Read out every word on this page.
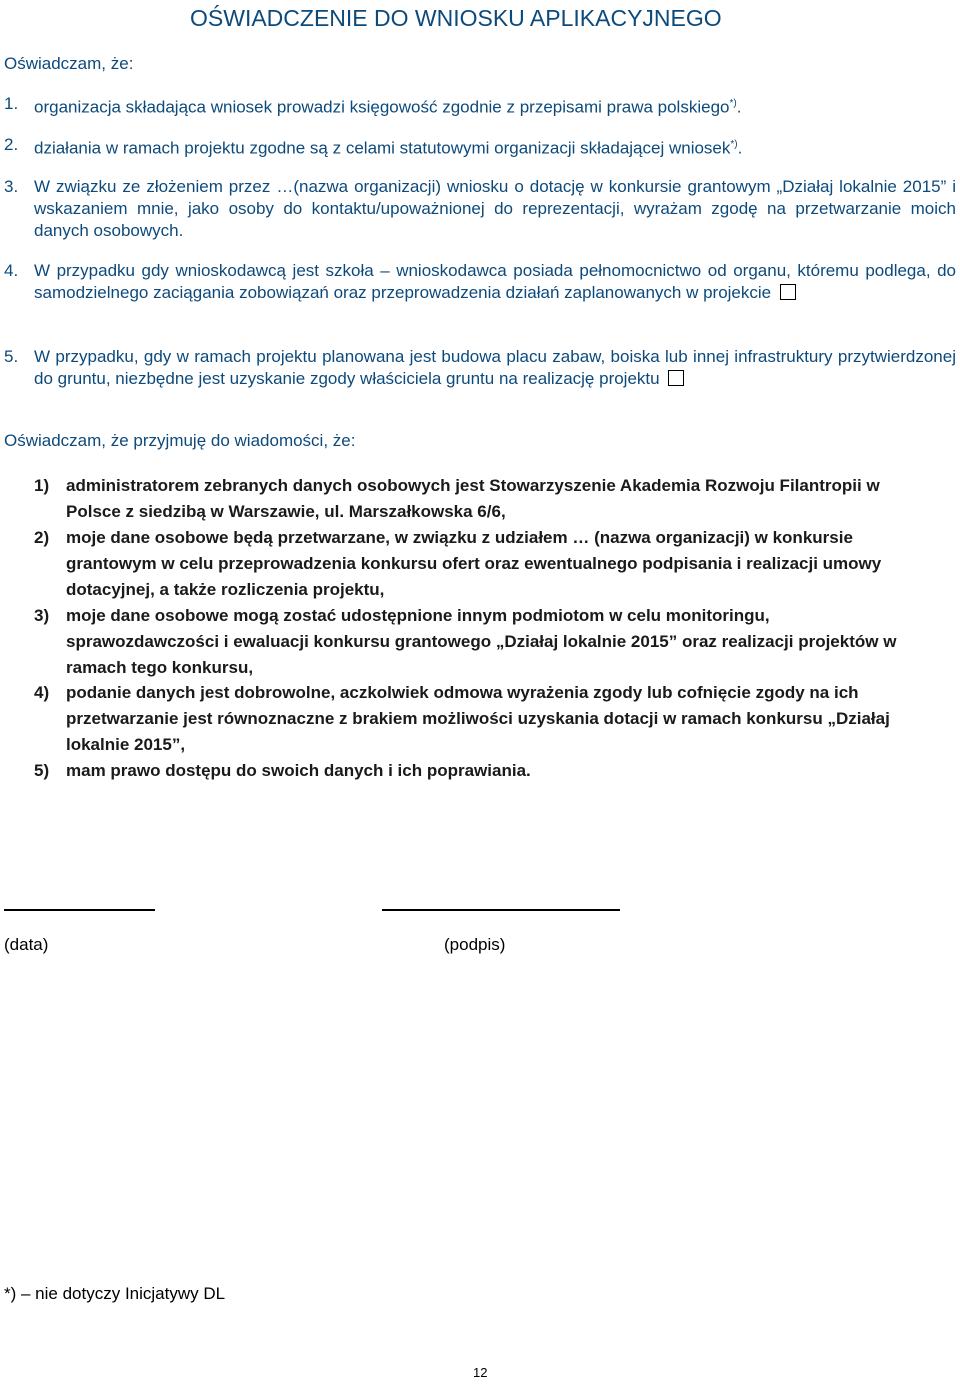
OŚWIADCZENIE DO WNIOSKU APLIKACYJNEGO
Oświadczam, że:
1. organizacja składająca wniosek prowadzi księgowość zgodnie z przepisami prawa polskiego*).
2. działania w ramach projektu zgodne są z celami statutowymi organizacji składającej wniosek*).
3. W związku ze złożeniem przez …(nazwa organizacji) wniosku o dotację w konkursie grantowym „Działaj lokalnie 2015” i wskazaniem mnie, jako osoby do kontaktu/upoważnionej do reprezentacji, wyrażam zgodę na przetwarzanie moich danych osobowych.
4. W przypadku gdy wnioskodawcą jest szkoła – wnioskodawca posiada pełnomocnictwo od organu, któremu podlega, do samodzielnego zaciągania zobowiązań oraz przeprowadzenia działań zaplanowanych w projekcie
5. W przypadku, gdy w ramach projektu planowana jest budowa placu zabaw, boiska lub innej infrastruktury przytwierdzonej do gruntu, niezbędne jest uzyskanie zgody właściciela gruntu na realizację projektu
Oświadczam, że przyjmuję do wiadomości, że:
1) administratorem zebranych danych osobowych jest Stowarzyszenie Akademia Rozwoju Filantropii w Polsce z siedzibą w Warszawie, ul. Marszałkowska 6/6,
2) moje dane osobowe będą przetwarzane, w związku z udziałem … (nazwa organizacji) w konkursie grantowym w celu przeprowadzenia konkursu ofert oraz ewentualnego podpisania i realizacji umowy dotacyjnej, a także rozliczenia projektu,
3) moje dane osobowe mogą zostać udostępnione innym podmiotom w celu monitoringu, sprawozdawczości i ewaluacji konkursu grantowego „Działaj lokalnie 2015” oraz realizacji projektów w ramach tego konkursu,
4) podanie danych jest dobrowolne, aczkolwiek odmowa wyrażenia zgody lub cofnięcie zgody na ich przetwarzanie jest równoznaczne z brakiem możliwości uzyskania dotacji w ramach konkursu „Działaj lokalnie 2015”,
5) mam prawo dostępu do swoich danych i ich poprawiania.
(data)	(podpis)
*) – nie dotyczy Inicjatywy DL
12
